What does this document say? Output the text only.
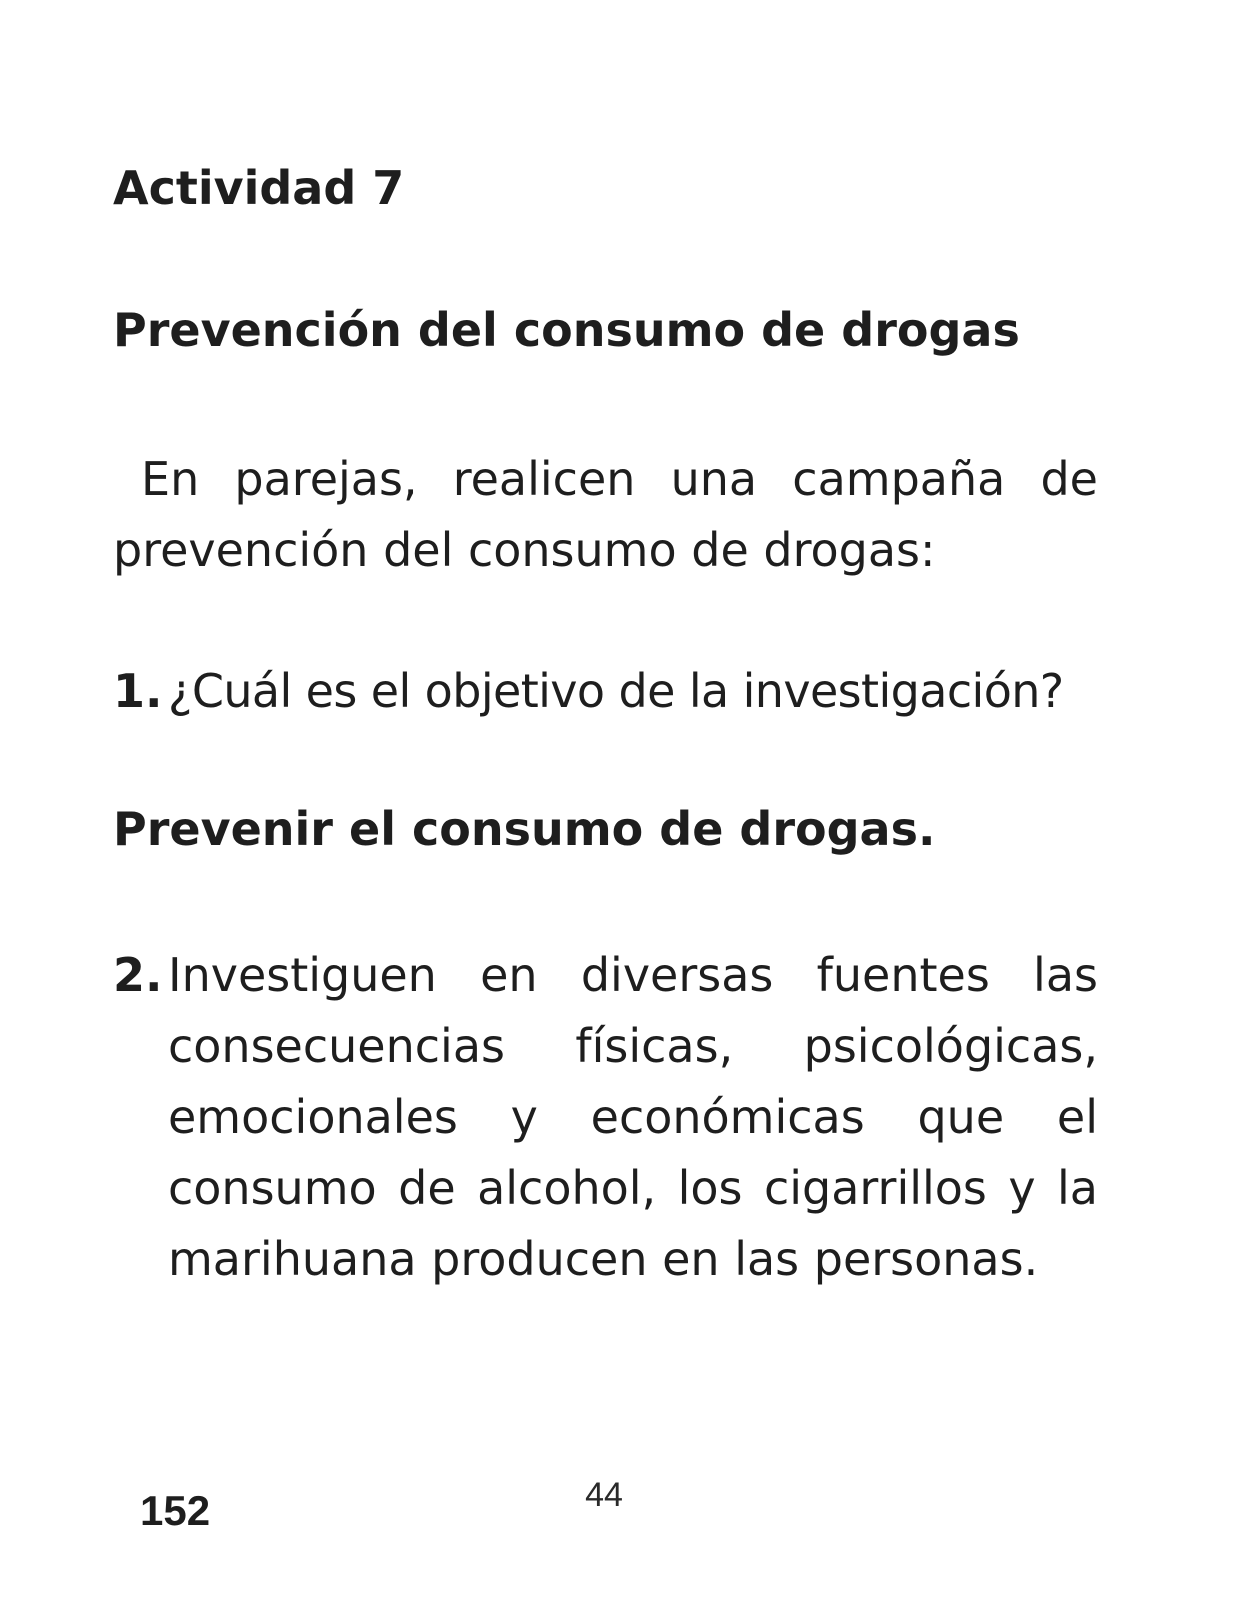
Actividad 7
Prevención del consumo de drogas
En parejas, realicen una campaña de prevención del consumo de drogas:
1. ¿Cuál es el objetivo de la investigación?
Prevenir el consumo de drogas.
2. Investiguen en diversas fuentes las consecuencias físicas, psicológicas, emocionales y económicas que el consumo de alcohol, los cigarrillos y la marihuana producen en las personas.
152	44
